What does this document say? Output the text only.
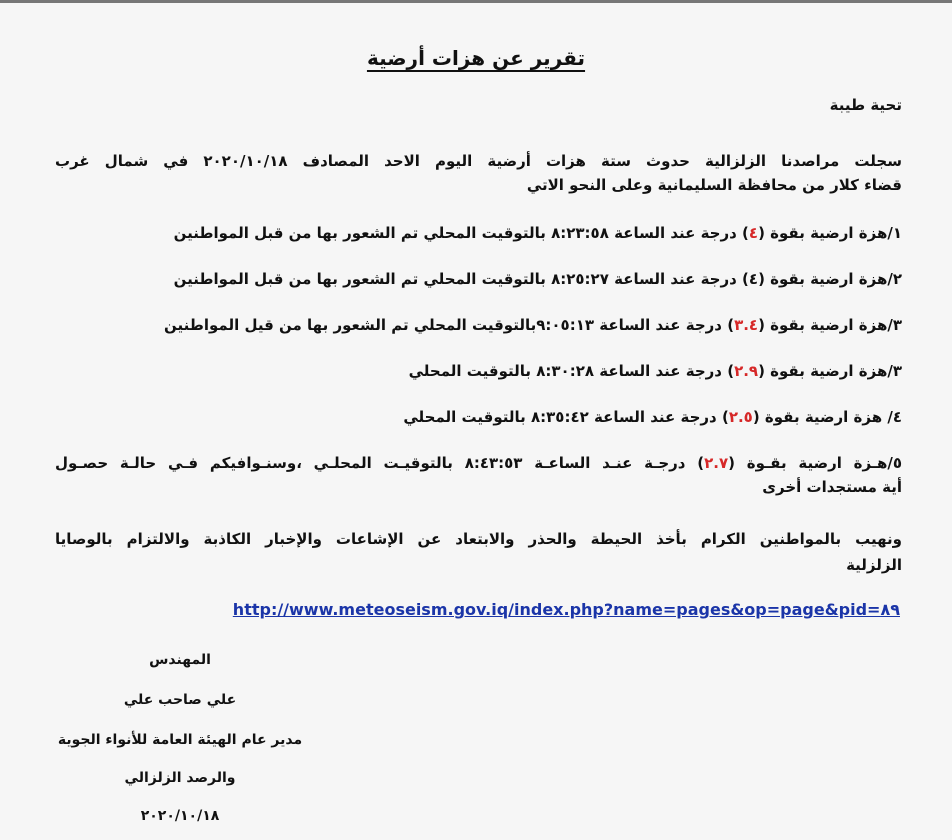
تقرير عن هزات أرضية
تحية طيبة
سجلت مراصدنا الزلزالية حدوث ستة هزات أرضية اليوم الاحد المصادف ٢٠٢٠/١٠/١٨ في شمال غرب
قضاء كلار من محافظة السليمانية وعلى النحو الاتي
١/هزة ارضية بقوة (٤) درجة عند الساعة ٨:٢٣:٥٨ بالتوقيت المحلي تم الشعور بها من قبل المواطنين
٢/هزة ارضية بقوة (٤) درجة عند الساعة ٨:٢٥:٢٧ بالتوقيت المحلي تم الشعور بها من قبل المواطنين
٣/هزة ارضية بقوة (٣.٤) درجة عند الساعة ٩:٠٥:١٣بالتوقيت المحلي تم الشعور بها من قيل المواطنين
٣/هزة ارضية بقوة (٢.٩) درجة عند الساعة ٨:٣٠:٢٨ بالتوقيت المحلي
٤/ هزة ارضية بقوة (٢.٥) درجة عند الساعة ٨:٣٥:٤٢ بالتوقيت المحلي
٥/هـزة ارضية بقـوة (٢.٧) درجـة عنـد الساعـة ٨:٤٣:٥٣ بالتوقيـت المحلـي ،وسنـوافيكم فـي حالـة حصـول
أية مستجدات أخرى
ونهيب بالمواطنين الكرام بأخذ الحيطة والحذر والابتعاد عن الإشاعات والإخبار الكاذبة والالتزام بالوصايا
الزلزلية
http://www.meteoseism.gov.iq/index.php?name=pages&op=page&pid=٨٩
المهندس
علي صاحب علي
مدير عام الهيئة العامة للأنواء الجوية
والرصد الزلزالي
٢٠٢٠/١٠/١٨
